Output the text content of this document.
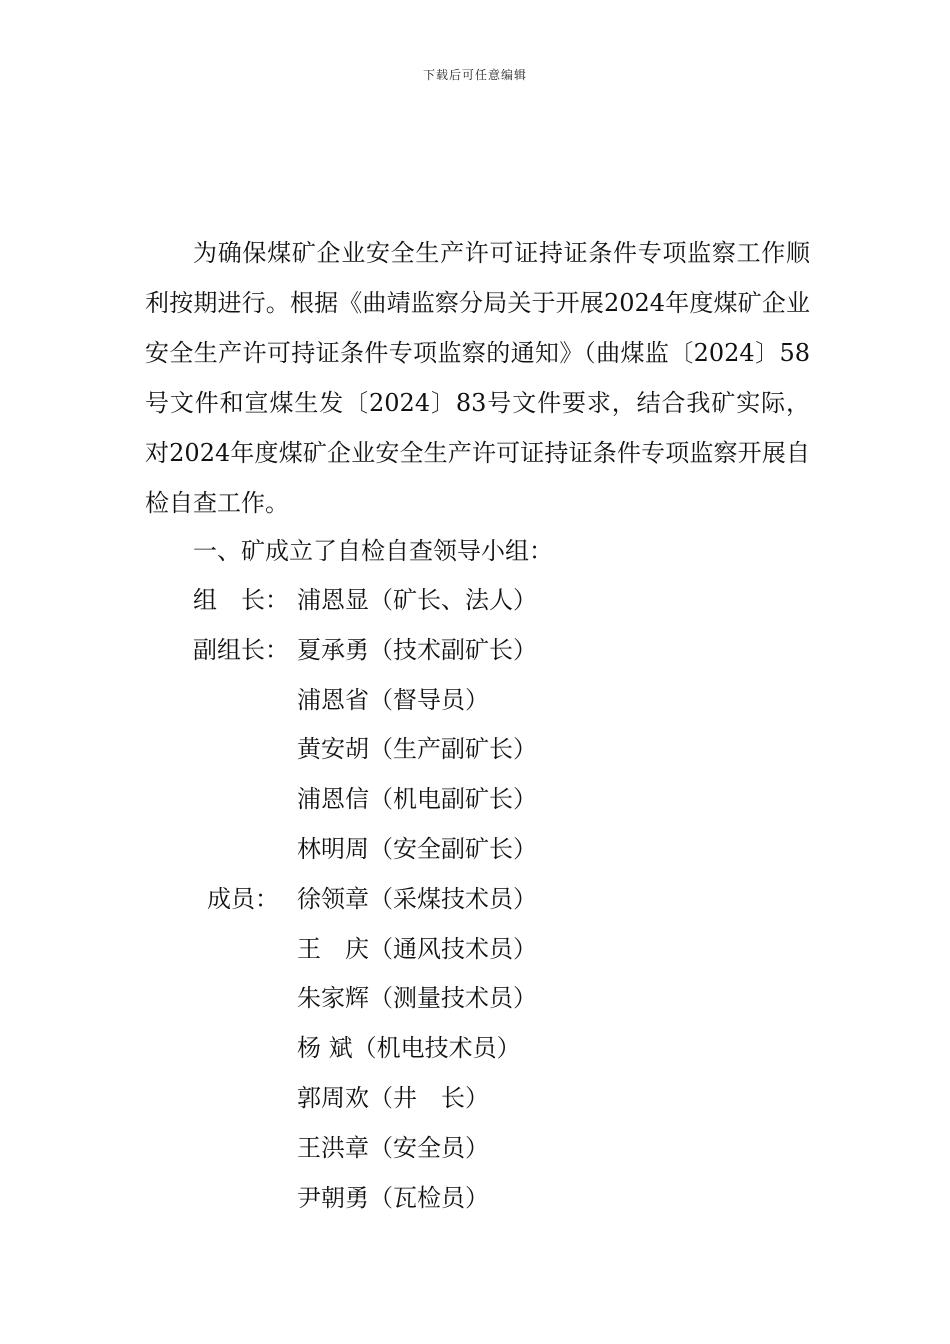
下载后可任意编辑

为确保煤矿企业安全生产许可证持证条件专项监察工作顺利按期进行。根据《曲靖监察分局关于开展2024年度煤矿企业安全生产许可持证条件专项监察的通知》（曲煤监〔2024〕58号文件和宣煤生发〔2024〕83号文件要求，结合我矿实际，对2024年度煤矿企业安全生产许可证持证条件专项监察开展自检自查工作。

一、矿成立了自检自查领导小组：

组　长：

浦恩显（矿长、法人）

副组长：

夏承勇（技术副矿长）

浦恩省（督导员）

黄安胡（生产副矿长）

浦恩信（机电副矿长）

林明周（安全副矿长）

成员：

徐领章（采煤技术员）

王　庆（通风技术员）

朱家辉（测量技术员）

杨 斌（机电技术员）

郭周欢（井　长）

王洪章（安全员）

尹朝勇（瓦检员）
